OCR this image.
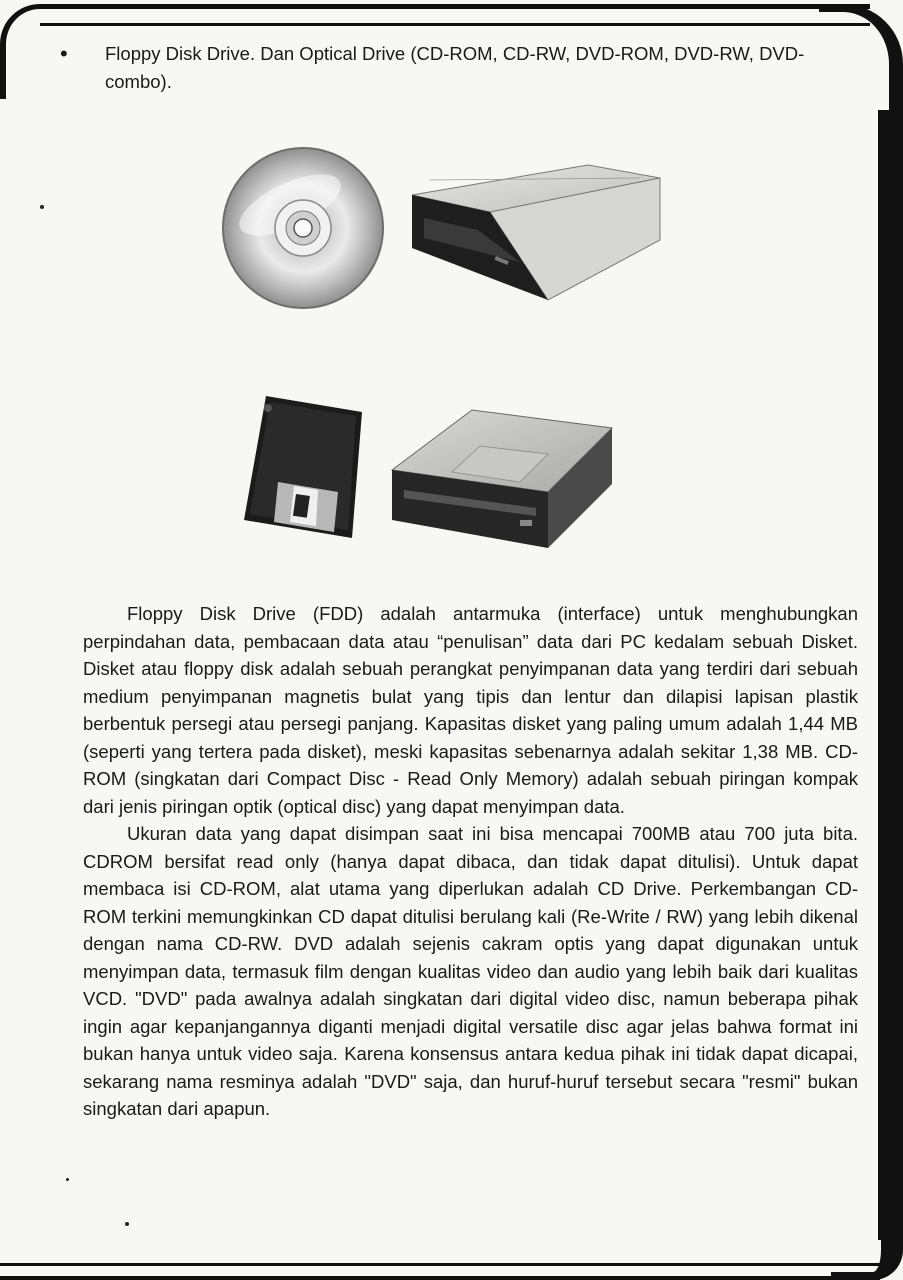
• Floppy Disk Drive. Dan Optical Drive (CD-ROM, CD-RW, DVD-ROM, DVD-RW, DVD-combo).

Floppy Disk Drive (FDD) adalah antarmuka (interface) untuk menghubungkan perpindahan data, pembacaan data atau “penulisan” data dari PC kedalam sebuah Disket. Disket atau floppy disk adalah sebuah perangkat penyimpanan data yang terdiri dari sebuah medium penyimpanan magnetis bulat yang tipis dan lentur dan dilapisi lapisan plastik berbentuk persegi atau persegi panjang. Kapasitas disket yang paling umum adalah 1,44 MB (seperti yang tertera pada disket), meski kapasitas sebenarnya adalah sekitar 1,38 MB. CD-ROM (singkatan dari Compact Disc - Read Only Memory) adalah sebuah piringan kompak dari jenis piringan optik (optical disc) yang dapat menyimpan data.

Ukuran data yang dapat disimpan saat ini bisa mencapai 700MB atau 700 juta bita. CDROM bersifat read only (hanya dapat dibaca, dan tidak dapat ditulisi). Untuk dapat membaca isi CD-ROM, alat utama yang diperlukan adalah CD Drive. Perkembangan CD-ROM terkini memungkinkan CD dapat ditulisi berulang kali (Re-Write / RW) yang lebih dikenal dengan nama CD-RW. DVD adalah sejenis cakram optis yang dapat digunakan untuk menyimpan data, termasuk film dengan kualitas video dan audio yang lebih baik dari kualitas VCD. "DVD" pada awalnya adalah singkatan dari digital video disc, namun beberapa pihak ingin agar kepanjangannya diganti menjadi digital versatile disc agar jelas bahwa format ini bukan hanya untuk video saja. Karena konsensus antara kedua pihak ini tidak dapat dicapai, sekarang nama resminya adalah "DVD" saja, dan huruf-huruf tersebut secara "resmi" bukan singkatan dari apapun.
